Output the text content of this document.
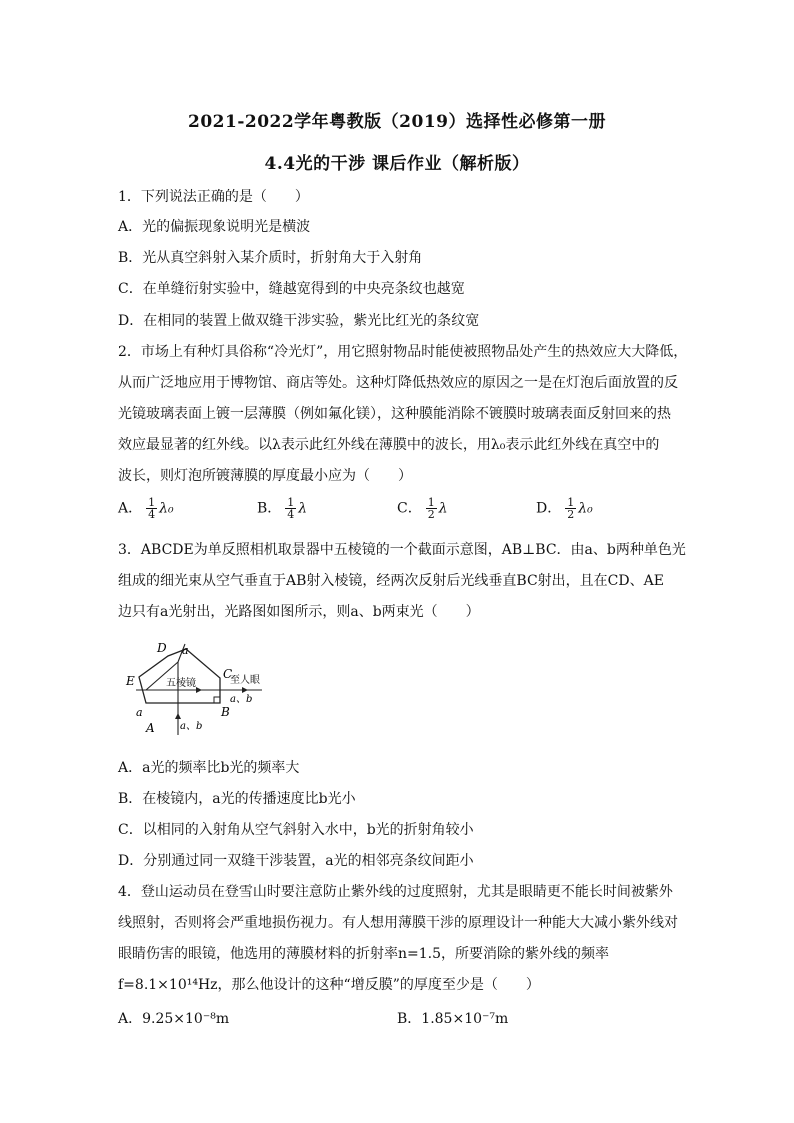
2021-2022学年粤教版（2019）选择性必修第一册
4.4光的干涉 课后作业（解析版）
1．下列说法正确的是（　　）
A．光的偏振现象说明光是横波
B．光从真空斜射入某介质时，折射角大于入射角
C．在单缝衍射实验中，缝越宽得到的中央亮条纹也越宽
D．在相同的装置上做双缝干涉实验，紫光比红光的条纹宽
2．市场上有种灯具俗称“冷光灯”，用它照射物品时能使被照物品处产生的热效应大大降低，
从而广泛地应用于博物馆、商店等处。这种灯降低热效应的原因之一是在灯泡后面放置的反
光镜玻璃表面上镀一层薄膜（例如氟化镁），这种膜能消除不镀膜时玻璃表面反射回来的热
效应最显著的红外线。以λ表示此红外线在薄膜中的波长，用λ₀表示此红外线在真空中的
波长，则灯泡所镀薄膜的厚度最小应为（　　）
A． $\frac{1}{4} \lambda_0$	B． $\frac{1}{4}$ λ	C． $\frac{1}{2}$ λ	D． $\frac{1}{2} \lambda_0$
3．ABCDE为单反照相机取景器中五棱镜的一个截面示意图，AB⊥BC．由a、b两种单色光
组成的细光束从空气垂直于AB射入棱镜，经两次反射后光线垂直BC射出，且在CD、AE
边只有a光射出，光路图如图所示，则a、b两束光（　　）
D a
C
E	五棱镜	至人眼
a
a、b
a、b
A
B
A．a光的频率比b光的频率大
B．在棱镜内，a光的传播速度比b光小
C．以相同的入射角从空气斜射入水中，b光的折射角较小
D．分别通过同一双缝干涉装置，a光的相邻亮条纹间距小
4．登山运动员在登雪山时要注意防止紫外线的过度照射，尤其是眼睛更不能长时间被紫外
线照射，否则将会严重地损伤视力。有人想用薄膜干涉的原理设计一种能大大减小紫外线对
眼睛伤害的眼镜，他选用的薄膜材料的折射率n=1.5，所要消除的紫外线的频率
f=8.1×10¹⁴Hz，那么他设计的这种“增反膜”的厚度至少是（　　）
A．9.25×10⁻⁸m	B．1.85×10⁻⁷m
